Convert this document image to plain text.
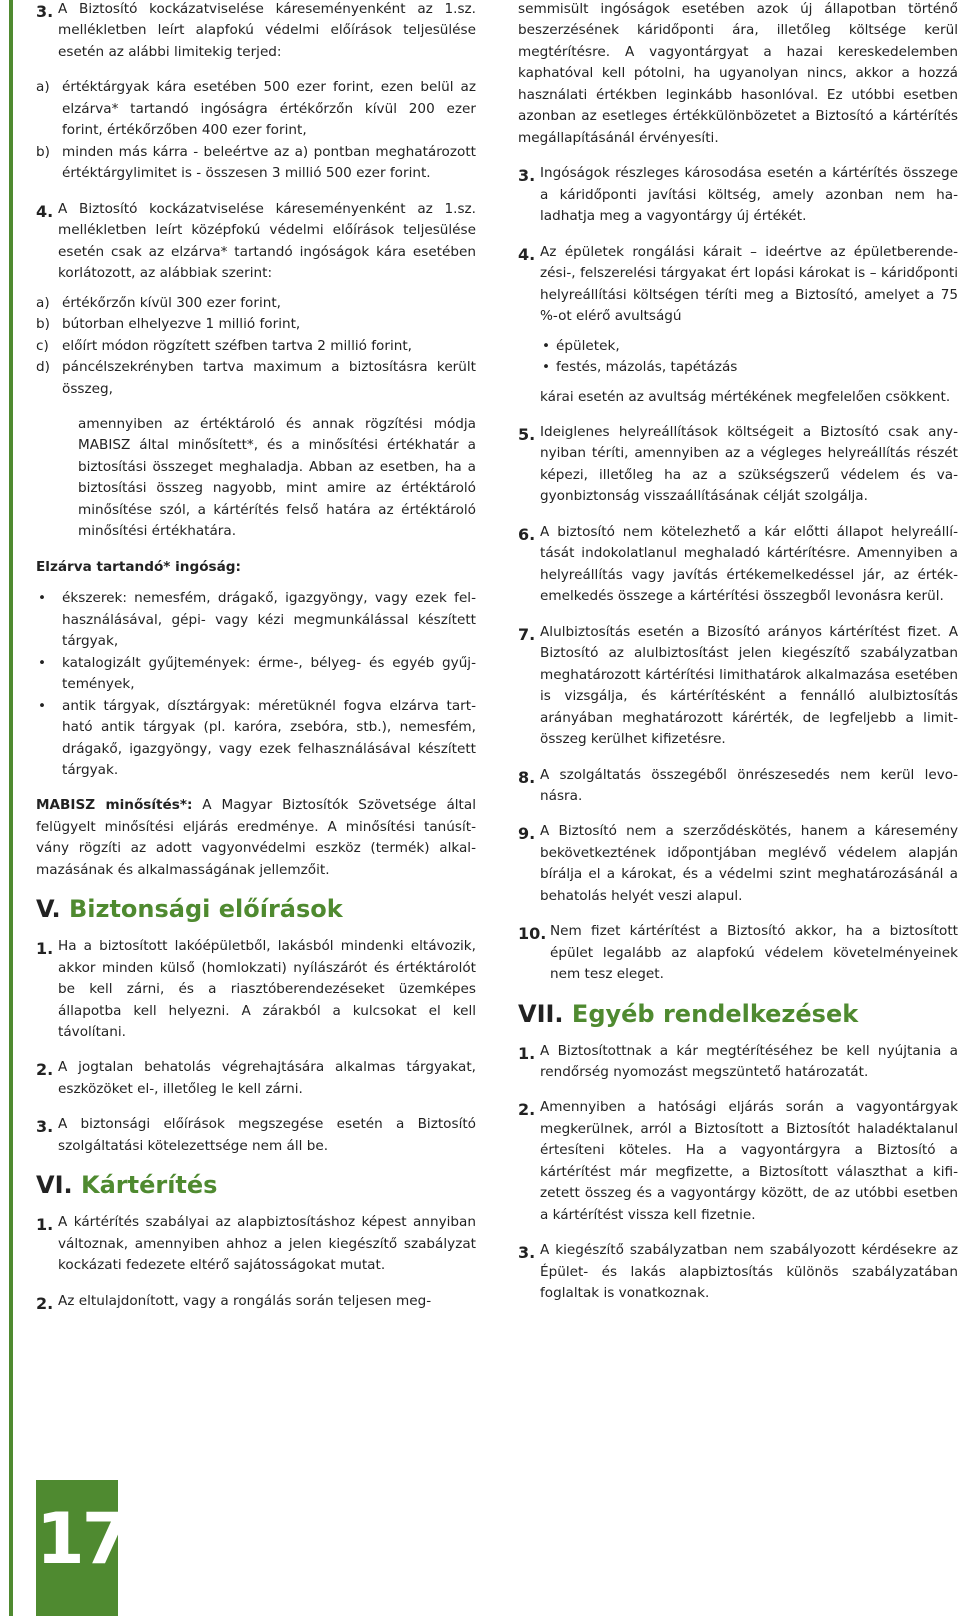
3. A Biztosító kockázatviselése káreseményenként az 1.sz. mellékletben leírt alapfokú védelmi előírások teljesülése esetén az alábbi limitekig terjed:
a) értéktárgyak kára esetében 500 ezer forint, ezen belül az elzárva* tartandó ingóságra értékőrzőn kívül 200 ezer forint, értékőrzőben 400 ezer forint,
b) minden más kárra - beleértve az a) pontban meghatározott értéktárgylimitet is - összesen 3 millió 500 ezer forint.
4. A Biztosító kockázatviselése káreseményenként az 1.sz. mellékletben leírt középfokú védelmi előírások teljesülése esetén csak az elzárva* tartandó ingóságok kára esetében korlátozott, az alábbiak szerint:
a) értékőrzőn kívül 300 ezer forint,
b) bútorban elhelyezve 1 millió forint,
c) előírt módon rögzített széfben tartva 2 millió forint,
d) páncélszekrényben tartva maximum a biztosításra került összeg,

amennyiben az értéktároló és annak rögzítési módja MABISZ által minősített*, és a minősítési értékhatár a biztosítási összeget meghaladja. Abban az esetben, ha a biztosítási összeg nagyobb, mint amire az értéktároló minősítése szól, a kártérítés felső határa az értéktároló minősítési értékhatára.

Elzárva tartandó* ingóság:

• ékszerek: nemesfém, drágakő, igazgyöngy, vagy ezek felhasználásával, gépi- vagy kézi megmunkálással készített tárgyak,
• katalogizált gyűjtemények: érme-, bélyeg- és egyéb gyűjtemények,
• antik tárgyak, dísztárgyak: méretüknél fogva elzárva tartható antik tárgyak (pl. karóra, zsebóra, stb.), nemesfém, drágakő, igazgyöngy, vagy ezek felhasználásával készített tárgyak.

MABISZ minősítés*: A Magyar Biztosítók Szövetsége által felügyelt minősítési eljárás eredménye. A minősítési tanúsítvány rögzíti az adott vagyonvédelmi eszköz (termék) alkalmazásának és alkalmasságának jellemzőit.

V. Biztonsági előírások
1. Ha a biztosított lakóépületből, lakásból mindenki eltávozik, akkor minden külső (homlokzati) nyílászárót és értéktárolót be kell zárni, és a riasztóberendezéseket üzemképes állapotba kell helyezni. A zárakból a kulcsokat el kell távolítani.
2. A jogtalan behatolás végrehajtására alkalmas tárgyakat, eszközöket el-, illetőleg le kell zárni.
3. A biztonsági előírások megszegése esetén a Biztosító szolgáltatási kötelezettsége nem áll be.
VI. Kártérítés
1. A kártérítés szabályai az alapbiztosításhoz képest annyiban változnak, amennyiben ahhoz a jelen kiegészítő szabályzat kockázati fedezete eltérő sajátosságokat mutat.
2. Az eltulajdonított, vagy a rongálás során teljesen meg-

semmisült ingóságok esetében azok új állapotban történő beszerzésének káridőponti ára, illetőleg költsége kerül megtérítésre. A vagyontárgyat a hazai kereskedelemben kaphatóval kell pótolni, ha ugyanolyan nincs, akkor a hozzá használati értékben leginkább hasonlóval. Ez utóbbi esetben azonban az esetleges értékkülönbözetet a Biztosító a kártérítés megállapításánál érvényesíti.

3. Ingóságok részleges károsodása esetén a kártérítés összege a káridőponti javítási költség, amely azonban nem haladhatja meg a vagyontárgy új értékét.
4. Az épületek rongálási kárait – ideértve az épületberendezési-, felszerelési tárgyakat ért lopási károkat is – káridőponti helyreállítási költségen téríti meg a Biztosító, amelyet a 75 %-ot elérő avultságú
• épületek,
• festés, mázolás, tapétázás

kárai esetén az avultság mértékének megfelelően csökkent.

5. Ideiglenes helyreállítások költségeit a Biztosító csak anynyiban téríti, amennyiben az a végleges helyreállítás részét képezi, illetőleg ha az a szükségszerű védelem és vagyonbiztonság visszaállításának célját szolgálja.
6. A biztosító nem kötelezhető a kár előtti állapot helyreállítását indokolatlanul meghaladó kártérítésre. Amennyiben a helyreállítás vagy javítás értékemelkedéssel jár, az értékemelkedés összege a kártérítési összegből levonásra kerül.
7. Alulbiztosítás esetén a Bizosító arányos kártérítést fizet. A Biztosító az alulbiztosítást jelen kiegészítő szabályzatban meghatározott kártérítési limithatárok alkalmazása esetében is vizsgálja, és kártérítésként a fennálló alulbiztosítás arányában meghatározott kárérték, de legfeljebb a limitösszeg kerülhet kifizetésre.
8. A szolgáltatás összegéből önrészesedés nem kerül levonásra.
9. A Biztosító nem a szerződéskötés, hanem a káresemény bekövetkeztének időpontjában meglévő védelem alapján bírálja el a károkat, és a védelmi szint meghatározásánál a behatolás helyét veszi alapul.
10. Nem fizet kártérítést a Biztosító akkor, ha a biztosított épület legalább az alapfokú védelem követelményeinek nem tesz eleget.
VII. Egyéb rendelkezések
1. A Biztosítottnak a kár megtérítéséhez be kell nyújtania a rendőrség nyomozást megszüntető határozatát.
2. Amennyiben a hatósági eljárás során a vagyontárgyak megkerülnek, arról a Biztosított a Biztosítót haladéktalanul értesíteni köteles. Ha a vagyontárgyra a Biztosító a kártérítést már megfizette, a Biztosított választhat a kifizetett összeg és a vagyontárgy között, de az utóbbi esetben a kártérítést vissza kell fizetnie.
3. A kiegészítő szabályzatban nem szabályozott kérdésekre az Épület- és lakás alapbiztosítás különös szabályzatában foglaltak is vonatkoznak.
17
